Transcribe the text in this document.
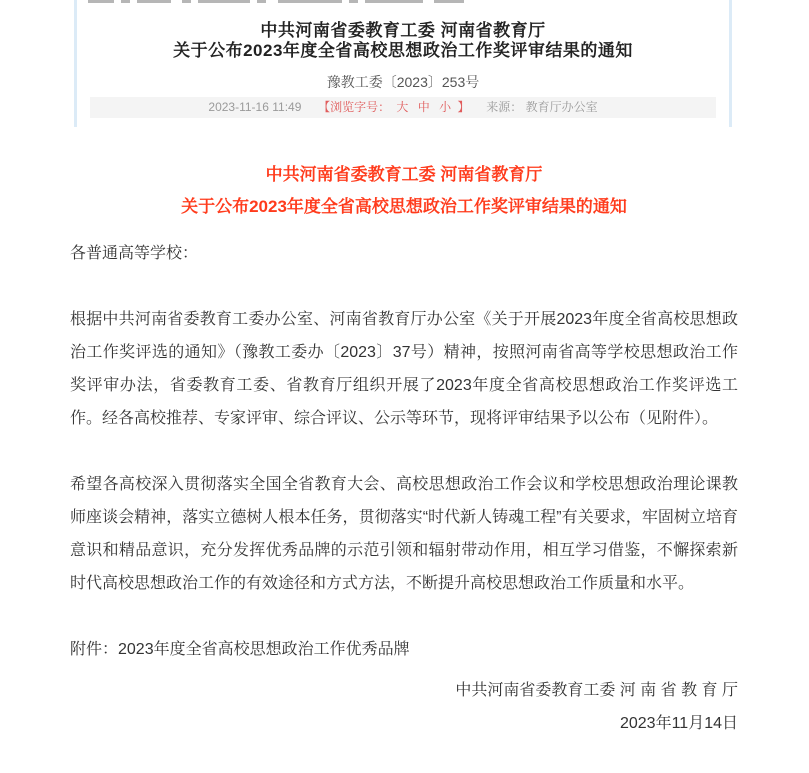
中共河南省委教育工委 河南省教育厅
关于公布2023年度全省高校思想政治工作奖评审结果的通知
豫教工委〔2023〕253号
2023-11-16 11:49 【浏览字号： 大 中 小 】 来源： 教育厅办公室
中共河南省委教育工委 河南省教育厅
关于公布2023年度全省高校思想政治工作奖评审结果的通知
各普通高等学校：

根据中共河南省委教育工委办公室、河南省教育厅办公室《关于开展2023年度全省高校思想政治工作奖评选的通知》（豫教工委办〔2023〕37号）精神，按照河南省高等学校思想政治工作奖评审办法，省委教育工委、省教育厅组织开展了2023年度全省高校思想政治工作奖评选工作。经各高校推荐、专家评审、综合评议、公示等环节，现将评审结果予以公布（见附件）。

希望各高校深入贯彻落实全国全省教育大会、高校思想政治工作会议和学校思想政治理论课教师座谈会精神，落实立德树人根本任务，贯彻落实“时代新人铸魂工程”有关要求，牢固树立培育意识和精品意识，充分发挥优秀品牌的示范引领和辐射带动作用，相互学习借鉴，不懈探索新时代高校思想政治工作的有效途径和方式方法，不断提升高校思想政治工作质量和水平。

附件：2023年度全省高校思想政治工作优秀品牌
中共河南省委教育工委 河 南 省 教 育 厅
2023年11月14日
